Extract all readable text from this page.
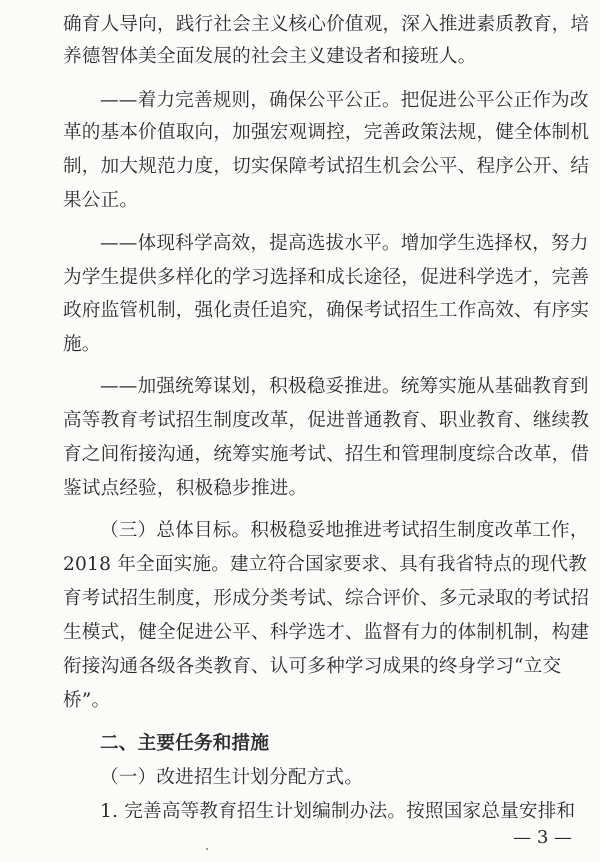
确育人导向，践行社会主义核心价值观，深入推进素质教育，培
养德智体美全面发展的社会主义建设者和接班人。
——着力完善规则，确保公平公正。把促进公平公正作为改
革的基本价值取向，加强宏观调控，完善政策法规，健全体制机
制，加大规范力度，切实保障考试招生机会公平、程序公开、结
果公正。
——体现科学高效，提高选拔水平。增加学生选择权，努力
为学生提供多样化的学习选择和成长途径，促进科学选才，完善
政府监管机制，强化责任追究，确保考试招生工作高效、有序实
施。
——加强统筹谋划，积极稳妥推进。统筹实施从基础教育到
高等教育考试招生制度改革，促进普通教育、职业教育、继续教
育之间衔接沟通，统筹实施考试、招生和管理制度综合改革，借
鉴试点经验，积极稳步推进。
（三）总体目标。积极稳妥地推进考试招生制度改革工作，
2018 年全面实施。建立符合国家要求、具有我省特点的现代教
育考试招生制度，形成分类考试、综合评价、多元录取的考试招
生模式，健全促进公平、科学选才、监督有力的体制机制，构建
衔接沟通各级各类教育、认可多种学习成果的终身学习“立交
桥”。
二、主要任务和措施
（一）改进招生计划分配方式。
1. 完善高等教育招生计划编制办法。按照国家总量安排和
— 3 —
